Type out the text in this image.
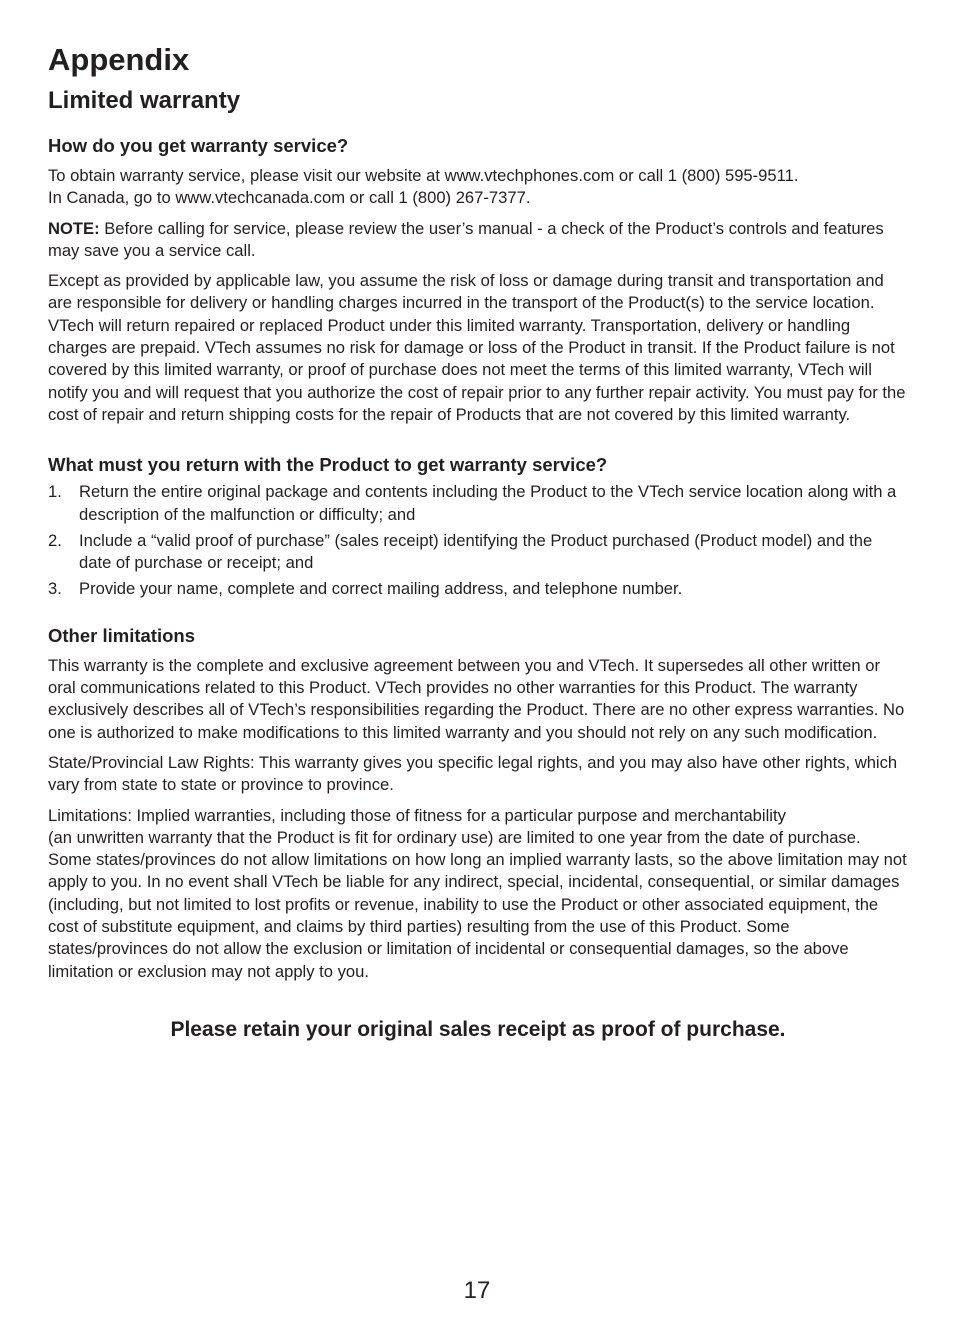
Appendix
Limited warranty
How do you get warranty service?

To obtain warranty service, please visit our website at www.vtechphones.com or call 1 (800) 595-9511.
In Canada, go to www.vtechcanada.com or call 1 (800) 267-7377.

NOTE: Before calling for service, please review the user’s manual - a check of the Product’s controls and features may save you a service call.

Except as provided by applicable law, you assume the risk of loss or damage during transit and transportation and are responsible for delivery or handling charges incurred in the transport of the Product(s) to the service location. VTech will return repaired or replaced Product under this limited warranty. Transportation, delivery or handling charges are prepaid. VTech assumes no risk for damage or loss of the Product in transit. If the Product failure is not covered by this limited warranty, or proof of purchase does not meet the terms of this limited warranty, VTech will notify you and will request that you authorize the cost of repair prior to any further repair activity. You must pay for the cost of repair and return shipping costs for the repair of Products that are not covered by this limited warranty.

What must you return with the Product to get warranty service?
1.	Return the entire original package and contents including the Product to the VTech service location along with a description of the malfunction or difficulty; and
2.	Include a “valid proof of purchase” (sales receipt) identifying the Product purchased (Product model) and the date of purchase or receipt; and
3.	Provide your name, complete and correct mailing address, and telephone number.
Other limitations

This warranty is the complete and exclusive agreement between you and VTech. It supersedes all other written or oral communications related to this Product. VTech provides no other warranties for this Product. The warranty exclusively describes all of VTech’s responsibilities regarding the Product. There are no other express warranties. No one is authorized to make modifications to this limited warranty and you should not rely on any such modification.

State/Provincial Law Rights: This warranty gives you specific legal rights, and you may also have other rights, which vary from state to state or province to province.

Limitations: Implied warranties, including those of fitness for a particular purpose and merchantability
(an unwritten warranty that the Product is fit for ordinary use) are limited to one year from the date of purchase. Some states/provinces do not allow limitations on how long an implied warranty lasts, so the above limitation may not apply to you. In no event shall VTech be liable for any indirect, special, incidental, consequential, or similar damages (including, but not limited to lost profits or revenue, inability to use the Product or other associated equipment, the cost of substitute equipment, and claims by third parties) resulting from the use of this Product. Some states/provinces do not allow the exclusion or limitation of incidental or consequential damages, so the above limitation or exclusion may not apply to you.

Please retain your original sales receipt as proof of purchase.
17
